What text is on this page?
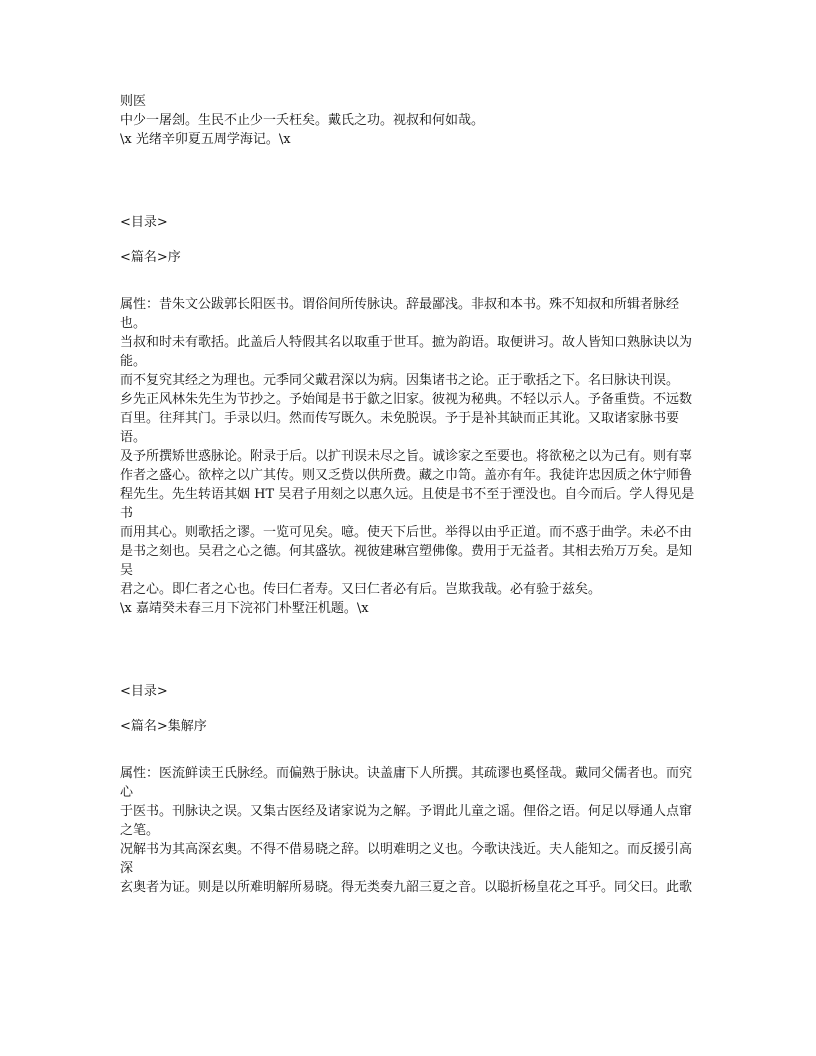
则医
中少一屠刽。生民不止少一夭枉矣。戴氏之功。视叔和何如哉。
\x 光绪辛卯夏五周学海记。\x
<目录>
<篇名>序
属性：昔朱文公跋郭长阳医书。谓俗间所传脉诀。辞最鄙浅。非叔和本书。殊不知叔和所辑者脉经也。
当叔和时未有歌括。此盖后人特假其名以取重于世耳。摭为韵语。取便讲习。故人皆知口熟脉诀以为能。
而不复究其经之为理也。元季同父戴君深以为病。因集诸书之论。正于歌括之下。名曰脉诀刊误。
乡先正风林朱先生为节抄之。予始闻是书于歙之旧家。彼视为秘典。不轻以示人。予备重赀。不远数
百里。往拜其门。手录以归。然而传写既久。未免脱误。予于是补其缺而正其讹。又取诸家脉书要语。
及予所撰矫世惑脉论。附录于后。以扩刊误未尽之旨。诚诊家之至要也。将欲秘之以为己有。则有辜
作者之盛心。欲梓之以广其传。则又乏赀以供所费。藏之巾笥。盖亦有年。我徒许忠因质之休宁师鲁
程先生。先生转语其姻 HT 吴君子用刻之以惠久远。且使是书不至于湮没也。自今而后。学人得见是书
而用其心。则歌括之谬。一览可见矣。噫。使天下后世。举得以由乎正道。而不惑于曲学。未必不由
是书之刻也。吴君之心之德。何其盛欤。视彼建琳宫塑佛像。费用于无益者。其相去殆万万矣。是知吴
君之心。即仁者之心也。传曰仁者寿。又曰仁者必有后。岂欺我哉。必有验于兹矣。
\x 嘉靖癸未春三月下浣祁门朴墅汪机题。\x
<目录>
<篇名>集解序
属性：医流鲜读王氏脉经。而偏熟于脉诀。诀盖庸下人所撰。其疏谬也奚怪哉。戴同父儒者也。而究心
于医书。刊脉诀之误。又集古医经及诸家说为之解。予谓此儿童之谣。俚俗之语。何足以辱通人点窜之笔。
况解书为其高深玄奥。不得不借易晓之辞。以明难明之义也。今歌诀浅近。夫人能知之。而反援引高深
玄奥者为证。则是以所难明解所易晓。得无类奏九韶三夏之音。以聪折杨皇花之耳乎。同父曰。此歌
